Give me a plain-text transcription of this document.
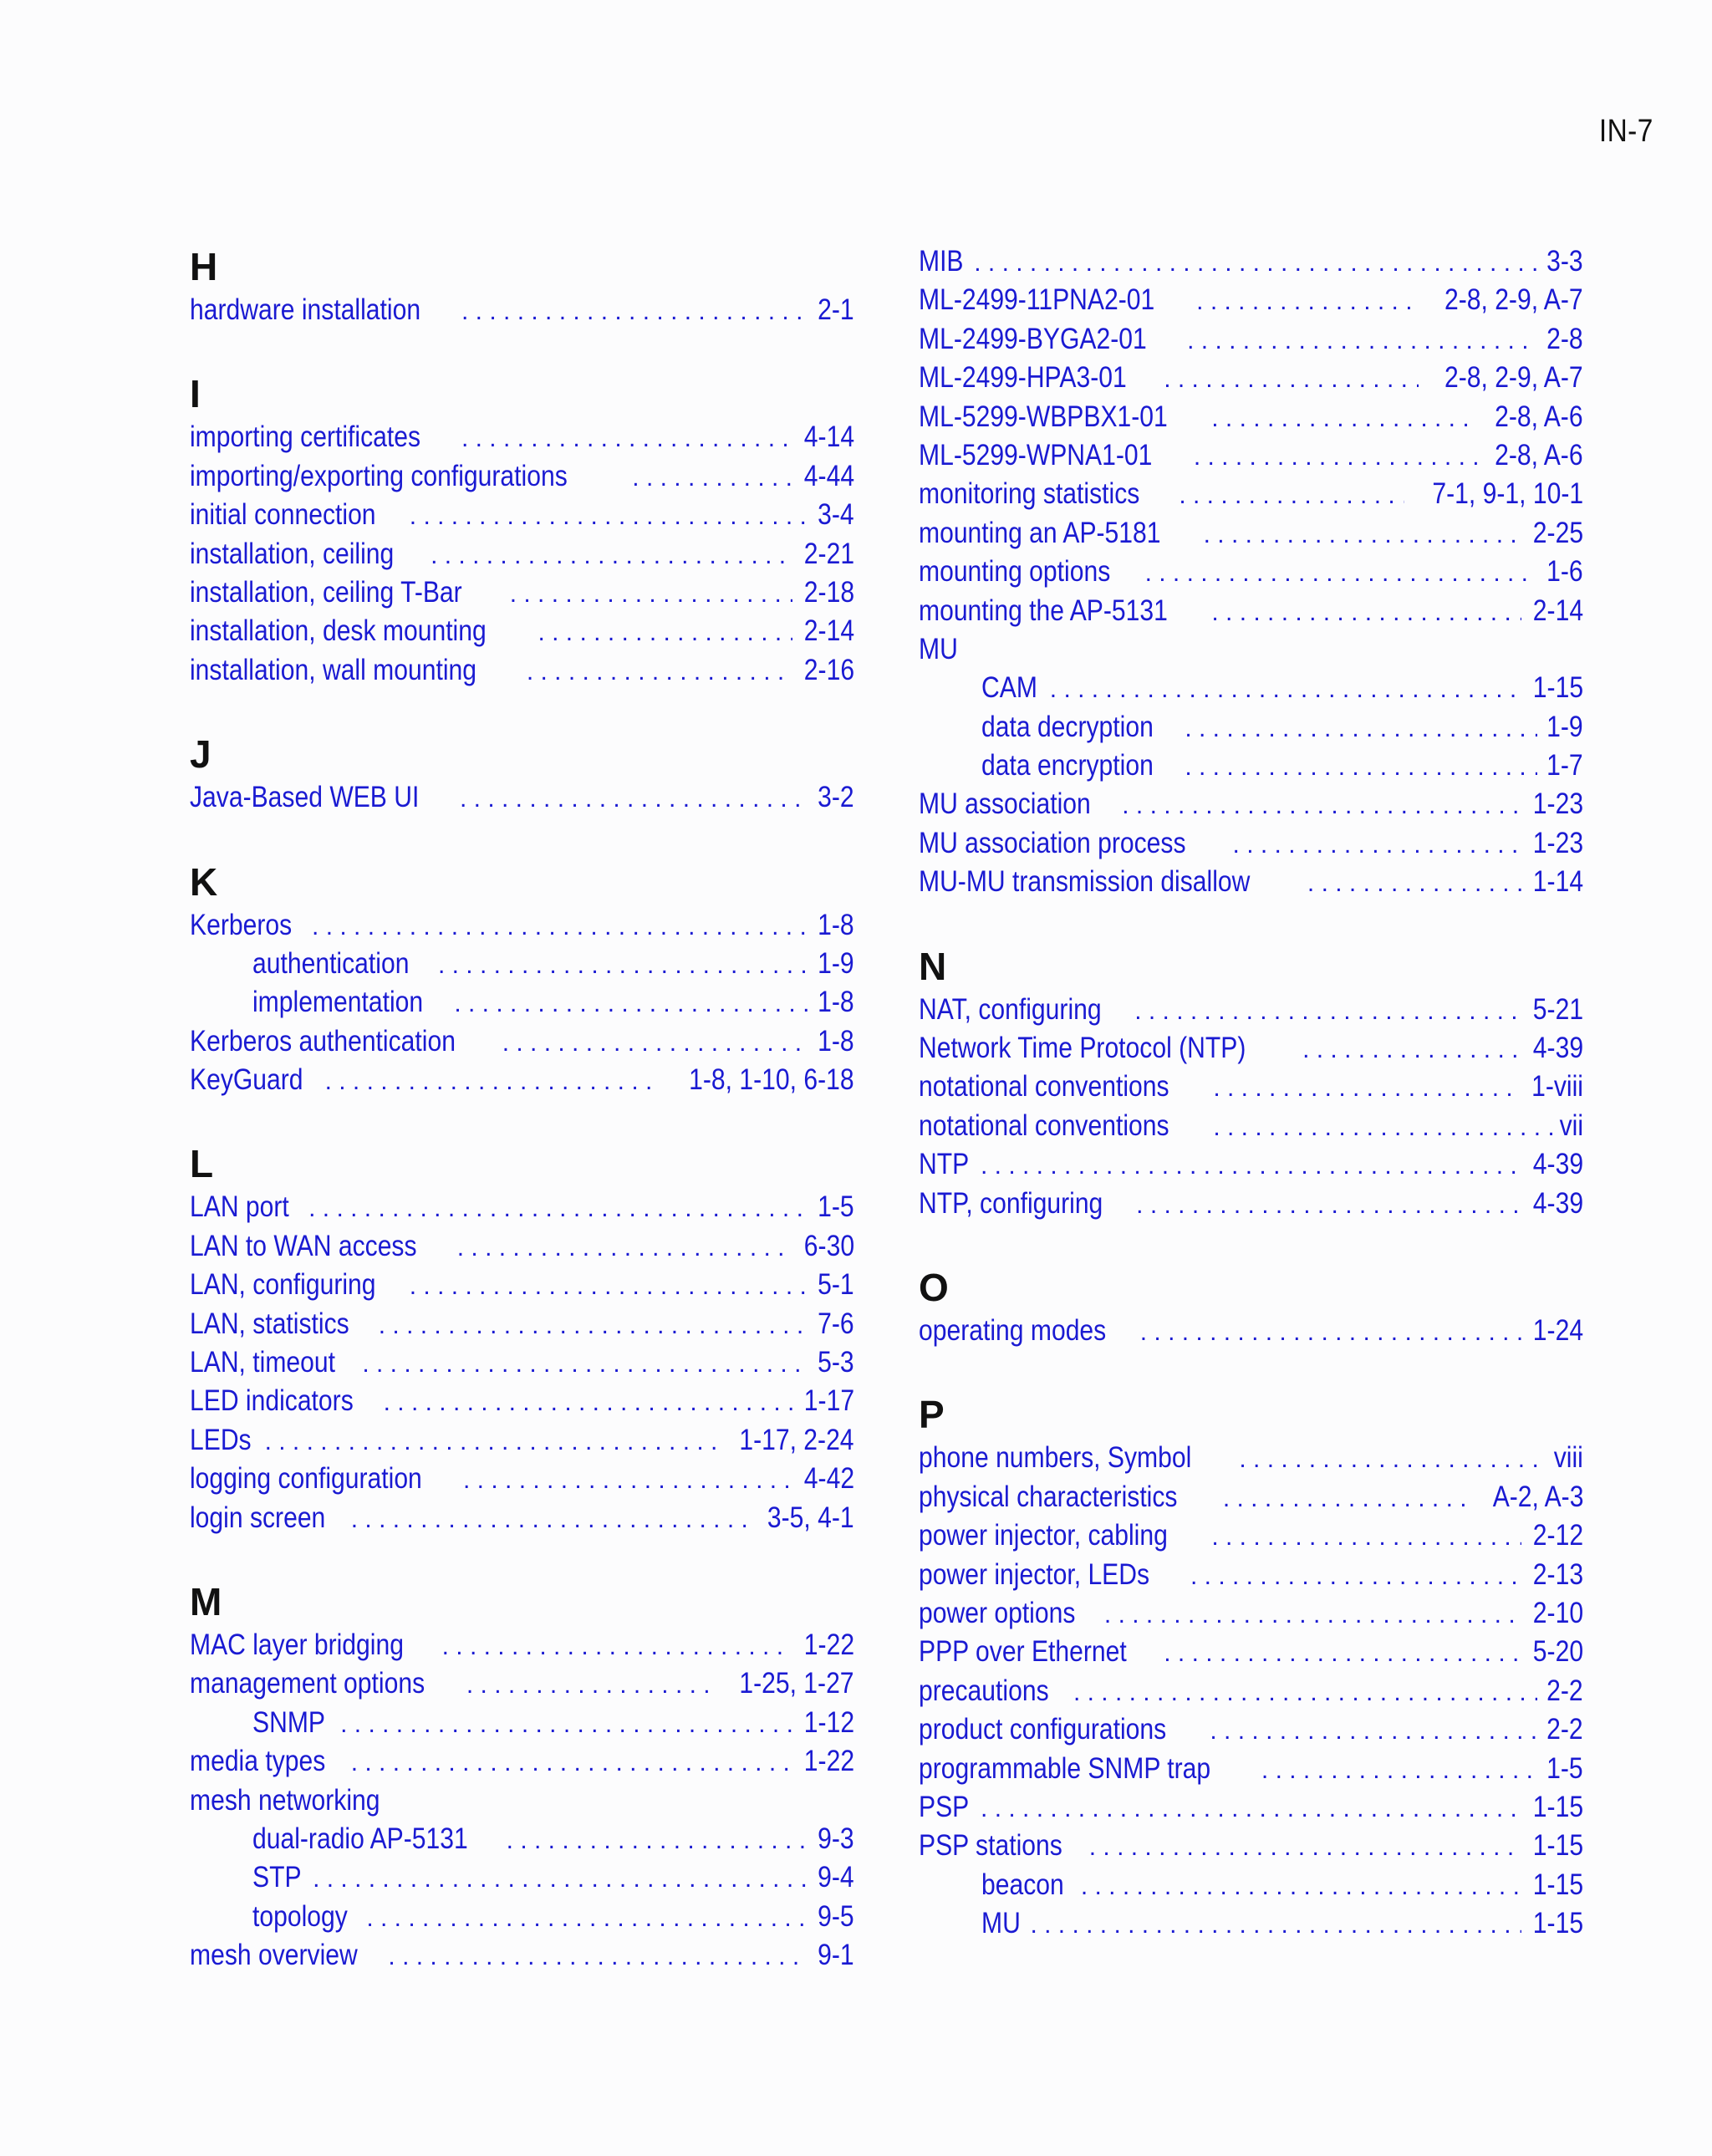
IN-7
H
hardware installation . . .	2-1
I
importing certificates . . .	4-14
importing/exporting configurations . . .	4-44
initial connection . . .	3-4
installation, ceiling . . .	2-21
installation, ceiling T-Bar . . .	2-18
installation, desk mounting . . .	2-14
installation, wall mounting . . .	2-16
J
Java-Based WEB UI . . .	3-2
K
Kerberos . . .	1-8
authentication . . .	1-9
implementation . . .	1-8
Kerberos authentication . . .	1-8
KeyGuard . . .	1-8, 1-10, 6-18
L
LAN port . . .	1-5
LAN to WAN access . . .	6-30
LAN, configuring . . .	5-1
LAN, statistics . . .	7-6
LAN, timeout . . .	5-3
LED indicators . . .	1-17
LEDs . . .	1-17, 2-24
logging configuration . . .	4-42
login screen . . .	3-5, 4-1
M
MAC layer bridging . . .	1-22
management options . . .	1-25, 1-27
SNMP . . .	1-12
media types . . .	1-22
mesh networking
dual-radio AP-5131 . . .	9-3
STP . . .	9-4
topology . . .	9-5
mesh overview . . .	9-1
MIB . . .	3-3
ML-2499-11PNA2-01 . . .	2-8, 2-9, A-7
ML-2499-BYGA2-01 . . .	2-8
ML-2499-HPA3-01 . . .	2-8, 2-9, A-7
ML-5299-WBPBX1-01 . . .	2-8, A-6
ML-5299-WPNA1-01 . . .	2-8, A-6
monitoring statistics . . .	7-1, 9-1, 10-1
mounting an AP-5181 . . .	2-25
mounting options . . .	1-6
mounting the AP-5131 . . .	2-14
MU
CAM . . .	1-15
data decryption . . .	1-9
data encryption . . .	1-7
MU association . . .	1-23
MU association process . . .	1-23
MU-MU transmission disallow . . .	1-14
N
NAT, configuring . . .	5-21
Network Time Protocol (NTP) . . .	4-39
notational conventions . . .	1-viii
notational conventions . . .	vii
NTP . . .	4-39
NTP, configuring . . .	4-39
O
operating modes . . .	1-24
P
phone numbers, Symbol . . .	viii
physical characteristics . . .	A-2, A-3
power injector, cabling . . .	2-12
power injector, LEDs . . .	2-13
power options . . .	2-10
PPP over Ethernet . . .	5-20
precautions . . .	2-2
product configurations . . .	2-2
programmable SNMP trap . . .	1-5
PSP . . .	1-15
PSP stations . . .	1-15
beacon . . .	1-15
MU . . .	1-15
